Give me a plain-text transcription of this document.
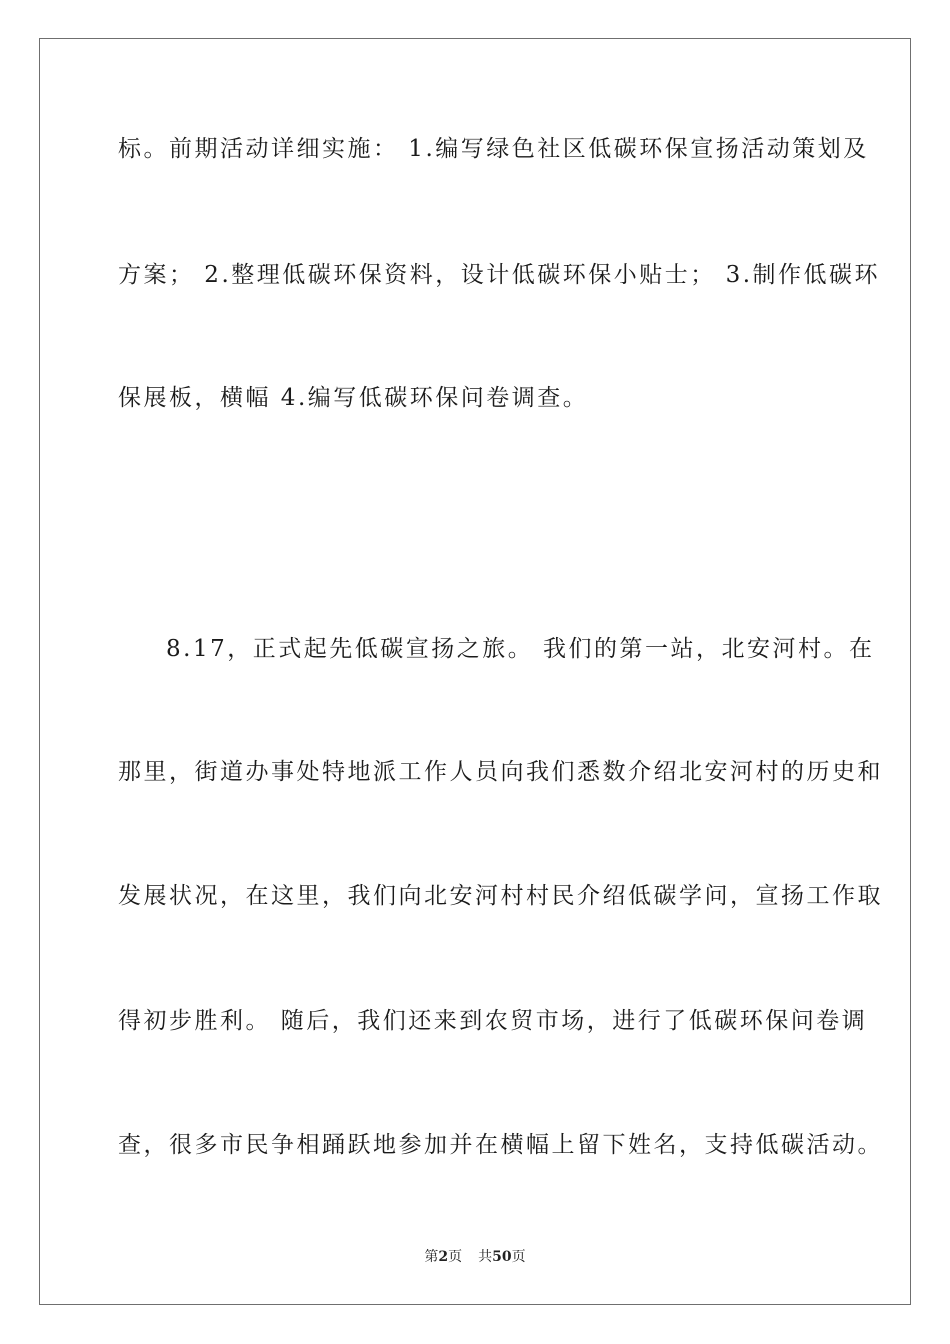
标。前期活动详细实施： 1.编写绿色社区低碳环保宣扬活动策划及
方案； 2.整理低碳环保资料，设计低碳环保小贴士； 3.制作低碳环
保展板，横幅 4.编写低碳环保问卷调查。
8.17，正式起先低碳宣扬之旅。 我们的第一站，北安河村。在
那里，街道办事处特地派工作人员向我们悉数介绍北安河村的历史和
发展状况，在这里，我们向北安河村村民介绍低碳学问，宣扬工作取
得初步胜利。 随后，我们还来到农贸市场，进行了低碳环保问卷调
查，很多市民争相踊跃地参加并在横幅上留下姓名，支持低碳活动。
第2页 共50页
